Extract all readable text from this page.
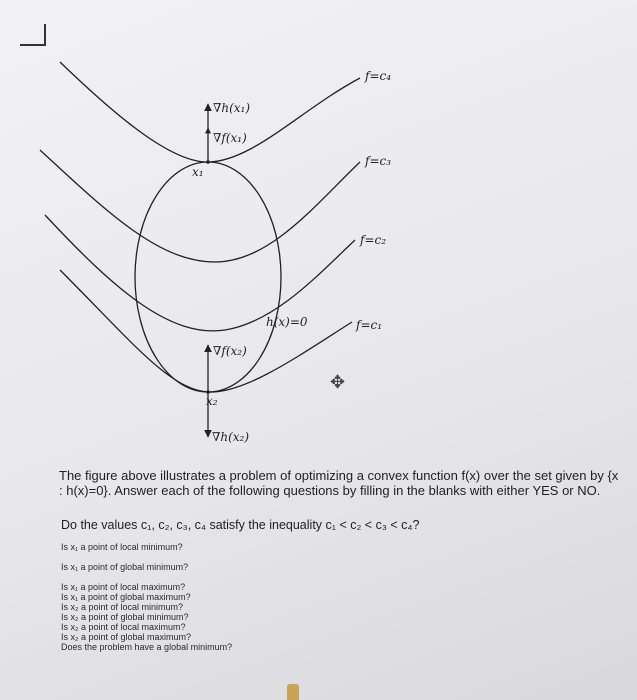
f=c₄
f=c₃
f=c₂
f=c₁
h(x)=0
∇h(x₁)
∇f(x₁)
x₁
∇f(x₂)
x₂
∇h(x₂)
✥
The figure above illustrates a problem of optimizing a convex function f(x) over the set given by {x : h(x)=0}. Answer each of the following questions by filling in the blanks with either YES or NO.
Do the values c₁, c₂, c₃, c₄ satisfy the inequality c₁ < c₂ < c₃ < c₄?
Is x₁ a point of local minimum?
Is x₁ a point of global minimum?
Is x₁ a point of local maximum?
Is x₁ a point of global maximum?
Is x₂ a point of local minimum?
Is x₂ a point of global minimum?
Is x₂ a point of local maximum?
Is x₂ a point of global maximum?
Does the problem have a global minimum?
